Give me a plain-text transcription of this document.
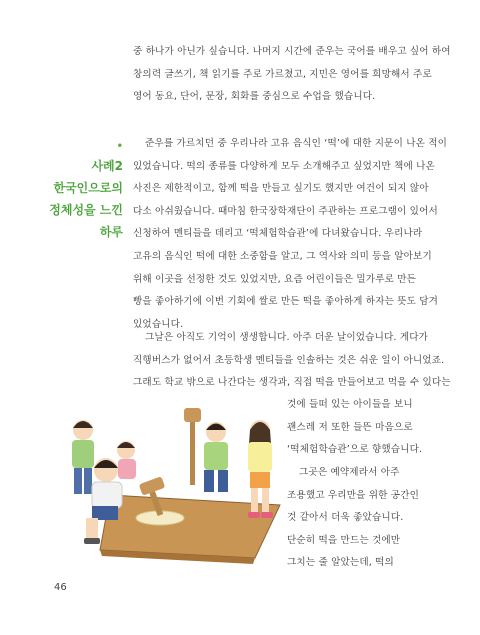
중 하나가 아닌가 싶습니다. 나머지 시간에 준우는 국어를 배우고 싶어 하여
창의력 글쓰기, 책 읽기를 주로 가르쳤고, 지민은 영어를 희망해서 주로
영어 동요, 단어, 문장, 회화를 중심으로 수업을 했습니다.

•
사례2
한국인으로의
정체성을 느낀
하루

준우를 가르치던 중 우리나라 고유 음식인 ‘떡’에 대한 지문이 나온 적이
있었습니다. 떡의 종류를 다양하게 모두 소개해주고 싶었지만 책에 나온
사진은 제한적이고, 함께 떡을 만들고 싶기도 했지만 여건이 되지 않아
다소 아쉬웠습니다. 때마침 한국장학재단이 주관하는 프로그램이 있어서
신청하여 멘티들을 데리고 ‘떡체험학습관’에 다녀왔습니다. 우리나라
고유의 음식인 떡에 대한 소중함을 알고, 그 역사와 의미 등을 알아보기
위해 이곳을 선정한 것도 있었지만, 요즘 어린이들은 밀가루로 만든
빵을 좋아하기에 이번 기회에 쌀로 만든 떡을 좋아하게 하자는 뜻도 담겨
있었습니다.

그날은 아직도 기억이 생생합니다. 아주 더운 날이었습니다. 게다가
직행버스가 없어서 초등학생 멘티들을 인솔하는 것은 쉬운 일이 아니었죠.
그래도 학교 밖으로 나간다는 생각과, 직접 떡을 만들어보고 먹을 수 있다는

것에 들떠 있는 아이들을 보니
괜스레 저 또한 들뜬 마음으로
‘떡체험학습관’으로 향했습니다.

그곳은 예약제라서 아주
조용했고 우리만을 위한 공간인
것 같아서 더욱 좋았습니다.
단순히 떡을 만드는 것에만
그치는 줄 알았는데, 떡의

46
